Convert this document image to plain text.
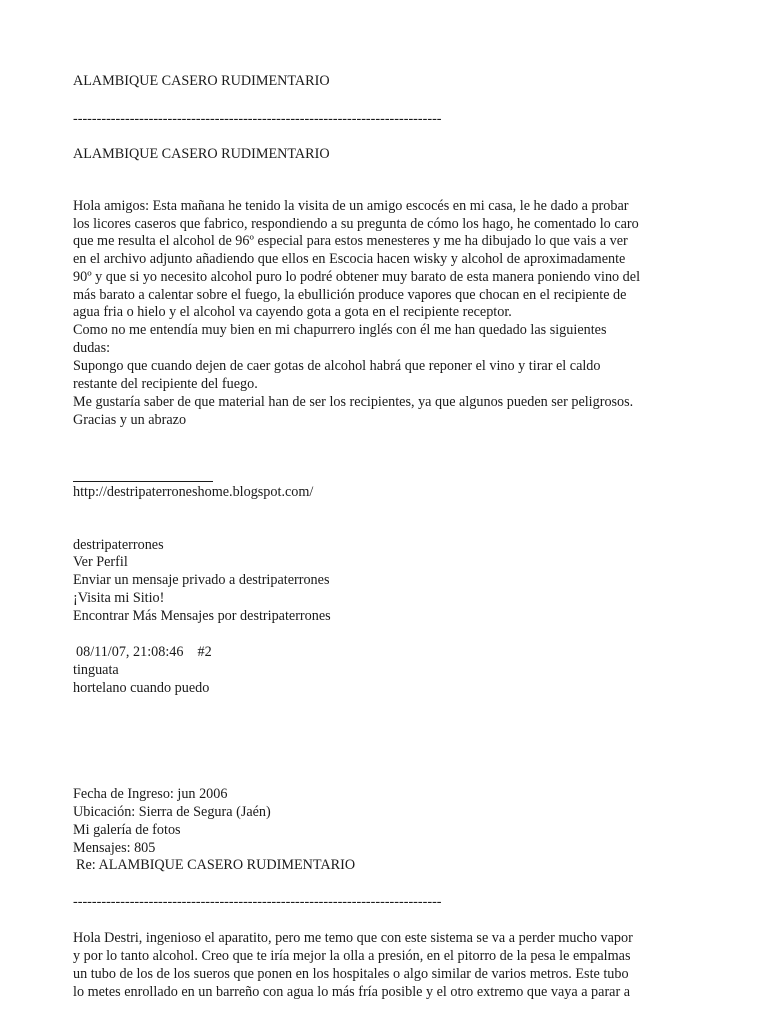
ALAMBIQUE CASERO RUDIMENTARIO
------------------------------------------------------------------------------
ALAMBIQUE CASERO RUDIMENTARIO
Hola amigos: Esta mañana he tenido la visita de un amigo escocés en mi casa, le he dado a probar
los licores caseros que fabrico, respondiendo a su pregunta de cómo los hago, he comentado lo caro
que me resulta el alcohol de 96º especial para estos menesteres y me ha dibujado lo que vais a ver
en el archivo adjunto añadiendo que ellos en Escocia hacen wisky y alcohol de aproximadamente
90º y que si yo necesito alcohol puro lo podré obtener muy barato de esta manera poniendo vino del
más barato a calentar sobre el fuego, la ebullición produce vapores que chocan en el recipiente de
agua fria o hielo y el alcohol va cayendo gota a gota en el recipiente receptor.
Como no me entendía muy bien en mi chapurrero inglés con él me han quedado las siguientes
dudas:
Supongo que cuando dejen de caer gotas de alcohol habrá que reponer el vino y tirar el caldo
restante del recipiente del fuego.
Me gustaría saber de que material han de ser los recipientes, ya que algunos pueden ser peligrosos.
Gracias y un abrazo
http://destripaterroneshome.blogspot.com/
destripaterrones
Ver Perfil
Enviar un mensaje privado a destripaterrones
¡Visita mi Sitio!
Encontrar Más Mensajes por destripaterrones
08/11/07, 21:08:46 #2
tinguata
hortelano cuando puedo
Fecha de Ingreso: jun 2006
Ubicación: Sierra de Segura (Jaén)
Mi galería de fotos
Mensajes: 805
Re: ALAMBIQUE CASERO RUDIMENTARIO
------------------------------------------------------------------------------
Hola Destri, ingenioso el aparatito, pero me temo que con este sistema se va a perder mucho vapor
y por lo tanto alcohol. Creo que te iría mejor la olla a presión, en el pitorro de la pesa le empalmas
un tubo de los de los sueros que ponen en los hospitales o algo similar de varios metros. Este tubo
lo metes enrollado en un barreño con agua lo más fría posible y el otro extremo que vaya a parar a
